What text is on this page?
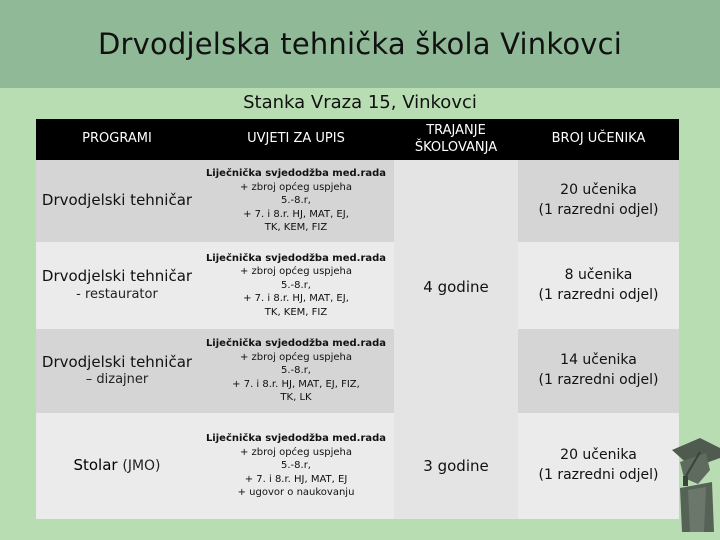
Drvodjelska tehnička škola Vinkovci
Stanka Vraza 15, Vinkovci
PROGRAMI	UVJETI ZA UPIS	TRAJANJE ŠKOLOVANJA	BROJ UČENIKA
Drvodjelski tehničar	Liječnička svjedodžba med.rada
+ zbroj općeg uspjeha
5.-8.r,
+ 7. i 8.r. HJ, MAT, EJ,
TK, KEM, FIZ	4 godine	20 učenika
(1 razredni odjel)

Drvodjelski tehničar
- restaurator	Liječnička svjedodžba med.rada
+ zbroj općeg uspjeha
5.-8.r,
+ 7. i 8.r. HJ, MAT, EJ,
TK, KEM, FIZ		8 učenika
(1 razredni odjel)

Drvodjelski tehničar
– dizajner	Liječnička svjedodžba med.rada
+ zbroj općeg uspjeha
5.-8.r,
+ 7. i 8.r. HJ, MAT, EJ, FIZ,
TK, LK		14 učenika
(1 razredni odjel)

Stolar (JMO)	Liječnička svjedodžba med.rada
+ zbroj općeg uspjeha
5.-8.r,
+ 7. i 8.r. HJ, MAT, EJ
+ ugovor o naukovanju	3 godine	20 učenika
(1 razredni odjel)
